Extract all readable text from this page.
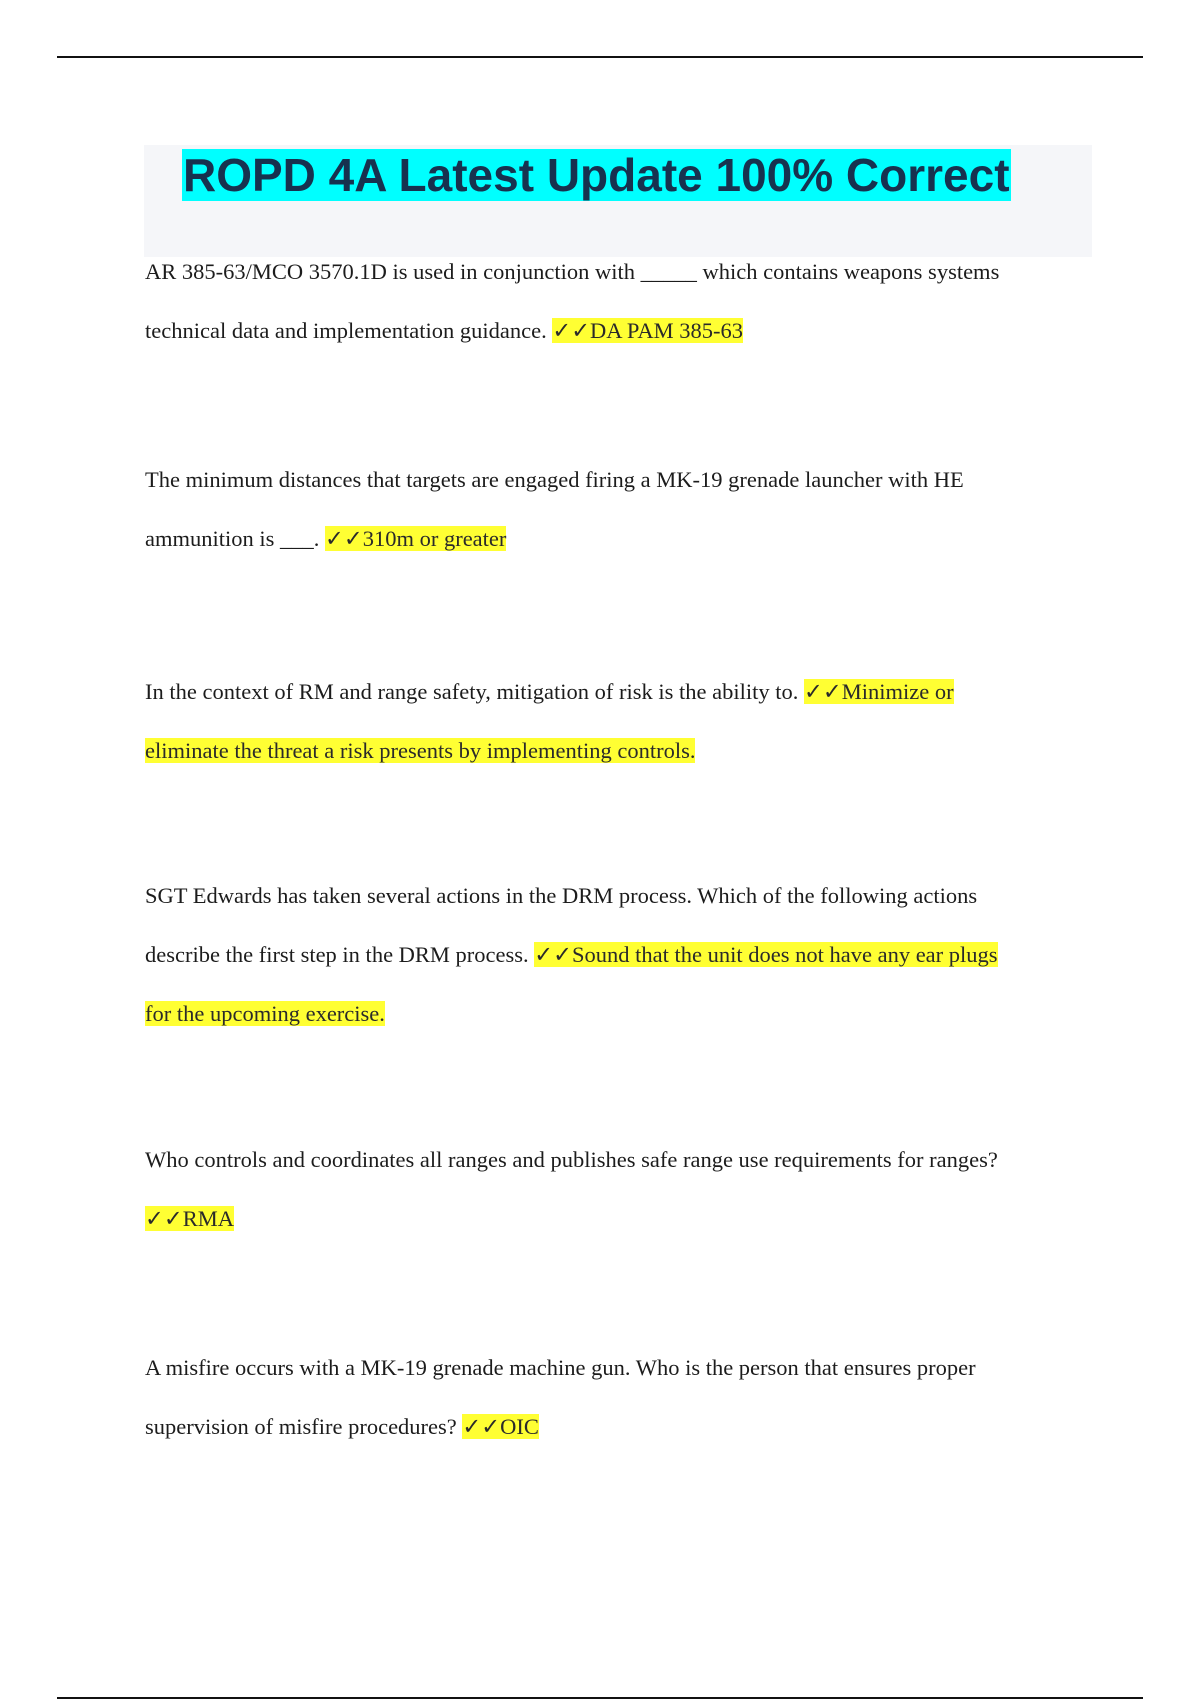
ROPD 4A Latest Update 100% Correct
AR 385-63/MCO 3570.1D is used in conjunction with _____ which contains weapons systems
technical data and implementation guidance. ✓✓DA PAM 385-63
The minimum distances that targets are engaged firing a MK-19 grenade launcher with HE
ammunition is ___. ✓✓310m or greater
In the context of RM and range safety, mitigation of risk is the ability to. ✓✓Minimize or
eliminate the threat a risk presents by implementing controls.
SGT Edwards has taken several actions in the DRM process. Which of the following actions
describe the first step in the DRM process. ✓✓Sound that the unit does not have any ear plugs
for the upcoming exercise.
Who controls and coordinates all ranges and publishes safe range use requirements for ranges?
✓✓RMA
A misfire occurs with a MK-19 grenade machine gun. Who is the person that ensures proper
supervision of misfire procedures? ✓✓OIC
